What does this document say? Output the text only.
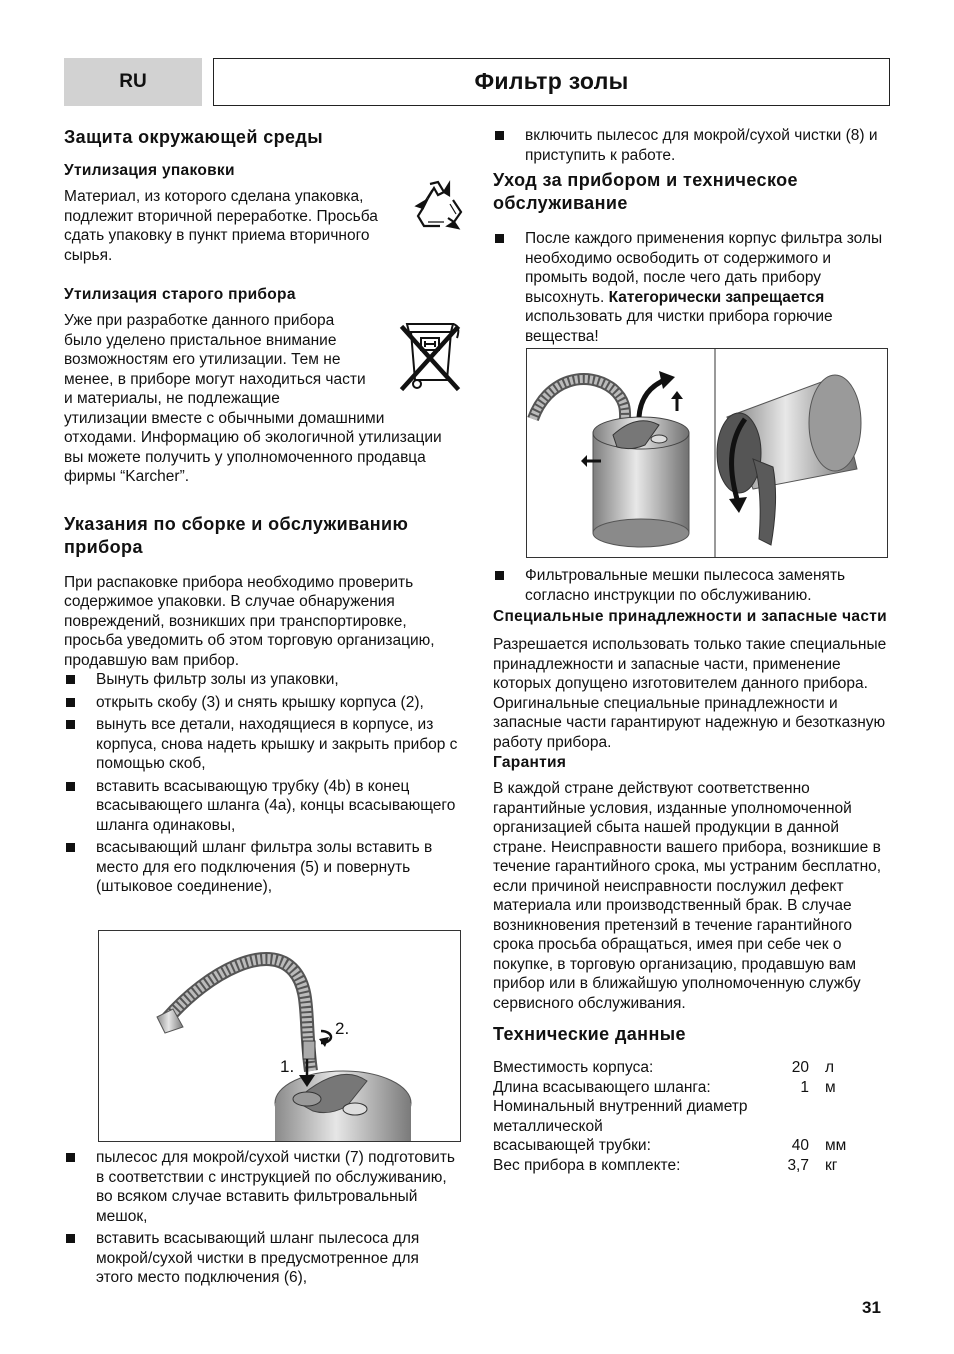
RU	Фильтр золы
Защита окружающей среды
Утилизация упаковки

Материал, из которого сделана упаковка, подлежит вторичной переработке. Просьба сдать упаковку в пункт приема вторичного сырья.

Утилизация старого прибора

Уже при разработке данного прибора было уделено пристальное внимание возможностям его утилизации. Тем не менее, в приборе могут находиться части и материалы, не подлежащие утилизации вместе с обычными домашними отходами. Информацию об экологичной утилизации вы можете получить у уполномоченного продавца фирмы “Karcher”.

Указания по сборке и обслуживанию прибора

При распаковке прибора необходимо проверить содержимое упаковки. В случае обнаружения повреждений, возникших при транспортировке, просьба уведомить об этом торговую организацию, продавшую вам прибор.

Вынуть фильтр золы из упаковки,
открыть скобу (3) и снять крышку корпуса (2),
вынуть все детали, находящиеся в корпусе, из корпуса, снова надеть крышку и закрыть прибор с помощью скоб,
вставить всасывающую трубку (4b) в конец всасывающего шланга (4a), концы всасывающего шланга одинаковы,
всасывающий шланг фильтра золы вставить в место для его подключения (5) и повернуть (штыковое соединение),
2.
1.
пылесос для мокрой/сухой чистки (7) подготовить в соответствии с инструкцией по обслуживанию, во всяком случае вставить фильтровальный мешок,
вставить всасывающий шланг пылесоса для мокрой/сухой чистки в предусмотренное для этого место подключения (6),
включить пылесос для мокрой/сухой чистки (8) и приступить к работе.
Уход за прибором и техническое обслуживание
После каждого применения корпус фильтра золы необходимо освободить от содержимого и промыть водой, после чего дать прибору высохнуть. Категорически запрещается использовать для чистки прибора горючие вещества!
Фильтровальные мешки пылесоса заменять согласно инструкции по обслуживанию.
Специальные принадлежности и запасные части

Разрешается использовать только такие специальные принадлежности и запасные части, применение которых допущено изготовителем данного прибора. Оригинальные специальные принадлежности и запасные части гарантируют надежную и безотказную работу прибора.

Гарантия

В каждой стране действуют соответственно гарантийные условия, изданные уполномоченной организацией сбыта нашей продукции в данной стране. Неисправности вашего прибора, возникшие в течение гарантийного срока, мы устраним бесплатно, если причиной неисправности послужил дефект материала или производственный брак. В случае возникновения претензий в течение гарантийного срока просьба обращаться, имея при себе чек о покупке, в торговую организацию, продавшую вам прибор или в ближайшую уполномоченную службу сервисного обслуживания.

Технические данные
Вместимость корпуса:	20	л
Длина всасывающего шланга:	1	м
Номинальный внутренний диаметр металлической		
всасывающей трубки:	40	мм
Вес прибора в комплекте:	3,7	кг
31
